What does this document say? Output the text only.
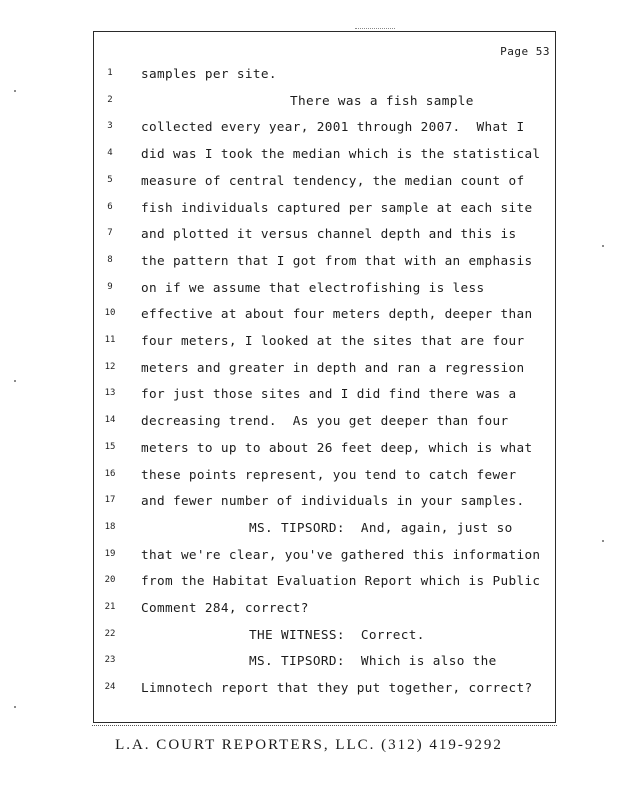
Page 53
1	samples per site.
2	There was a fish sample
3	collected every year, 2001 through 2007.  What I
4	did was I took the median which is the statistical
5	measure of central tendency, the median count of
6	fish individuals captured per sample at each site
7	and plotted it versus channel depth and this is
8	the pattern that I got from that with an emphasis
9	on if we assume that electrofishing is less
10	effective at about four meters depth, deeper than
11	four meters, I looked at the sites that are four
12	meters and greater in depth and ran a regression
13	for just those sites and I did find there was a
14	decreasing trend.  As you get deeper than four
15	meters to up to about 26 feet deep, which is what
16	these points represent, you tend to catch fewer
17	and fewer number of individuals in your samples.
18	MS. TIPSORD:  And, again, just so
19	that we're clear, you've gathered this information
20	from the Habitat Evaluation Report which is Public
21	Comment 284, correct?
22	THE WITNESS:  Correct.
23	MS. TIPSORD:  Which is also the
24	Limnotech report that they put together, correct?
L.A. COURT REPORTERS, LLC. (312) 419-9292
